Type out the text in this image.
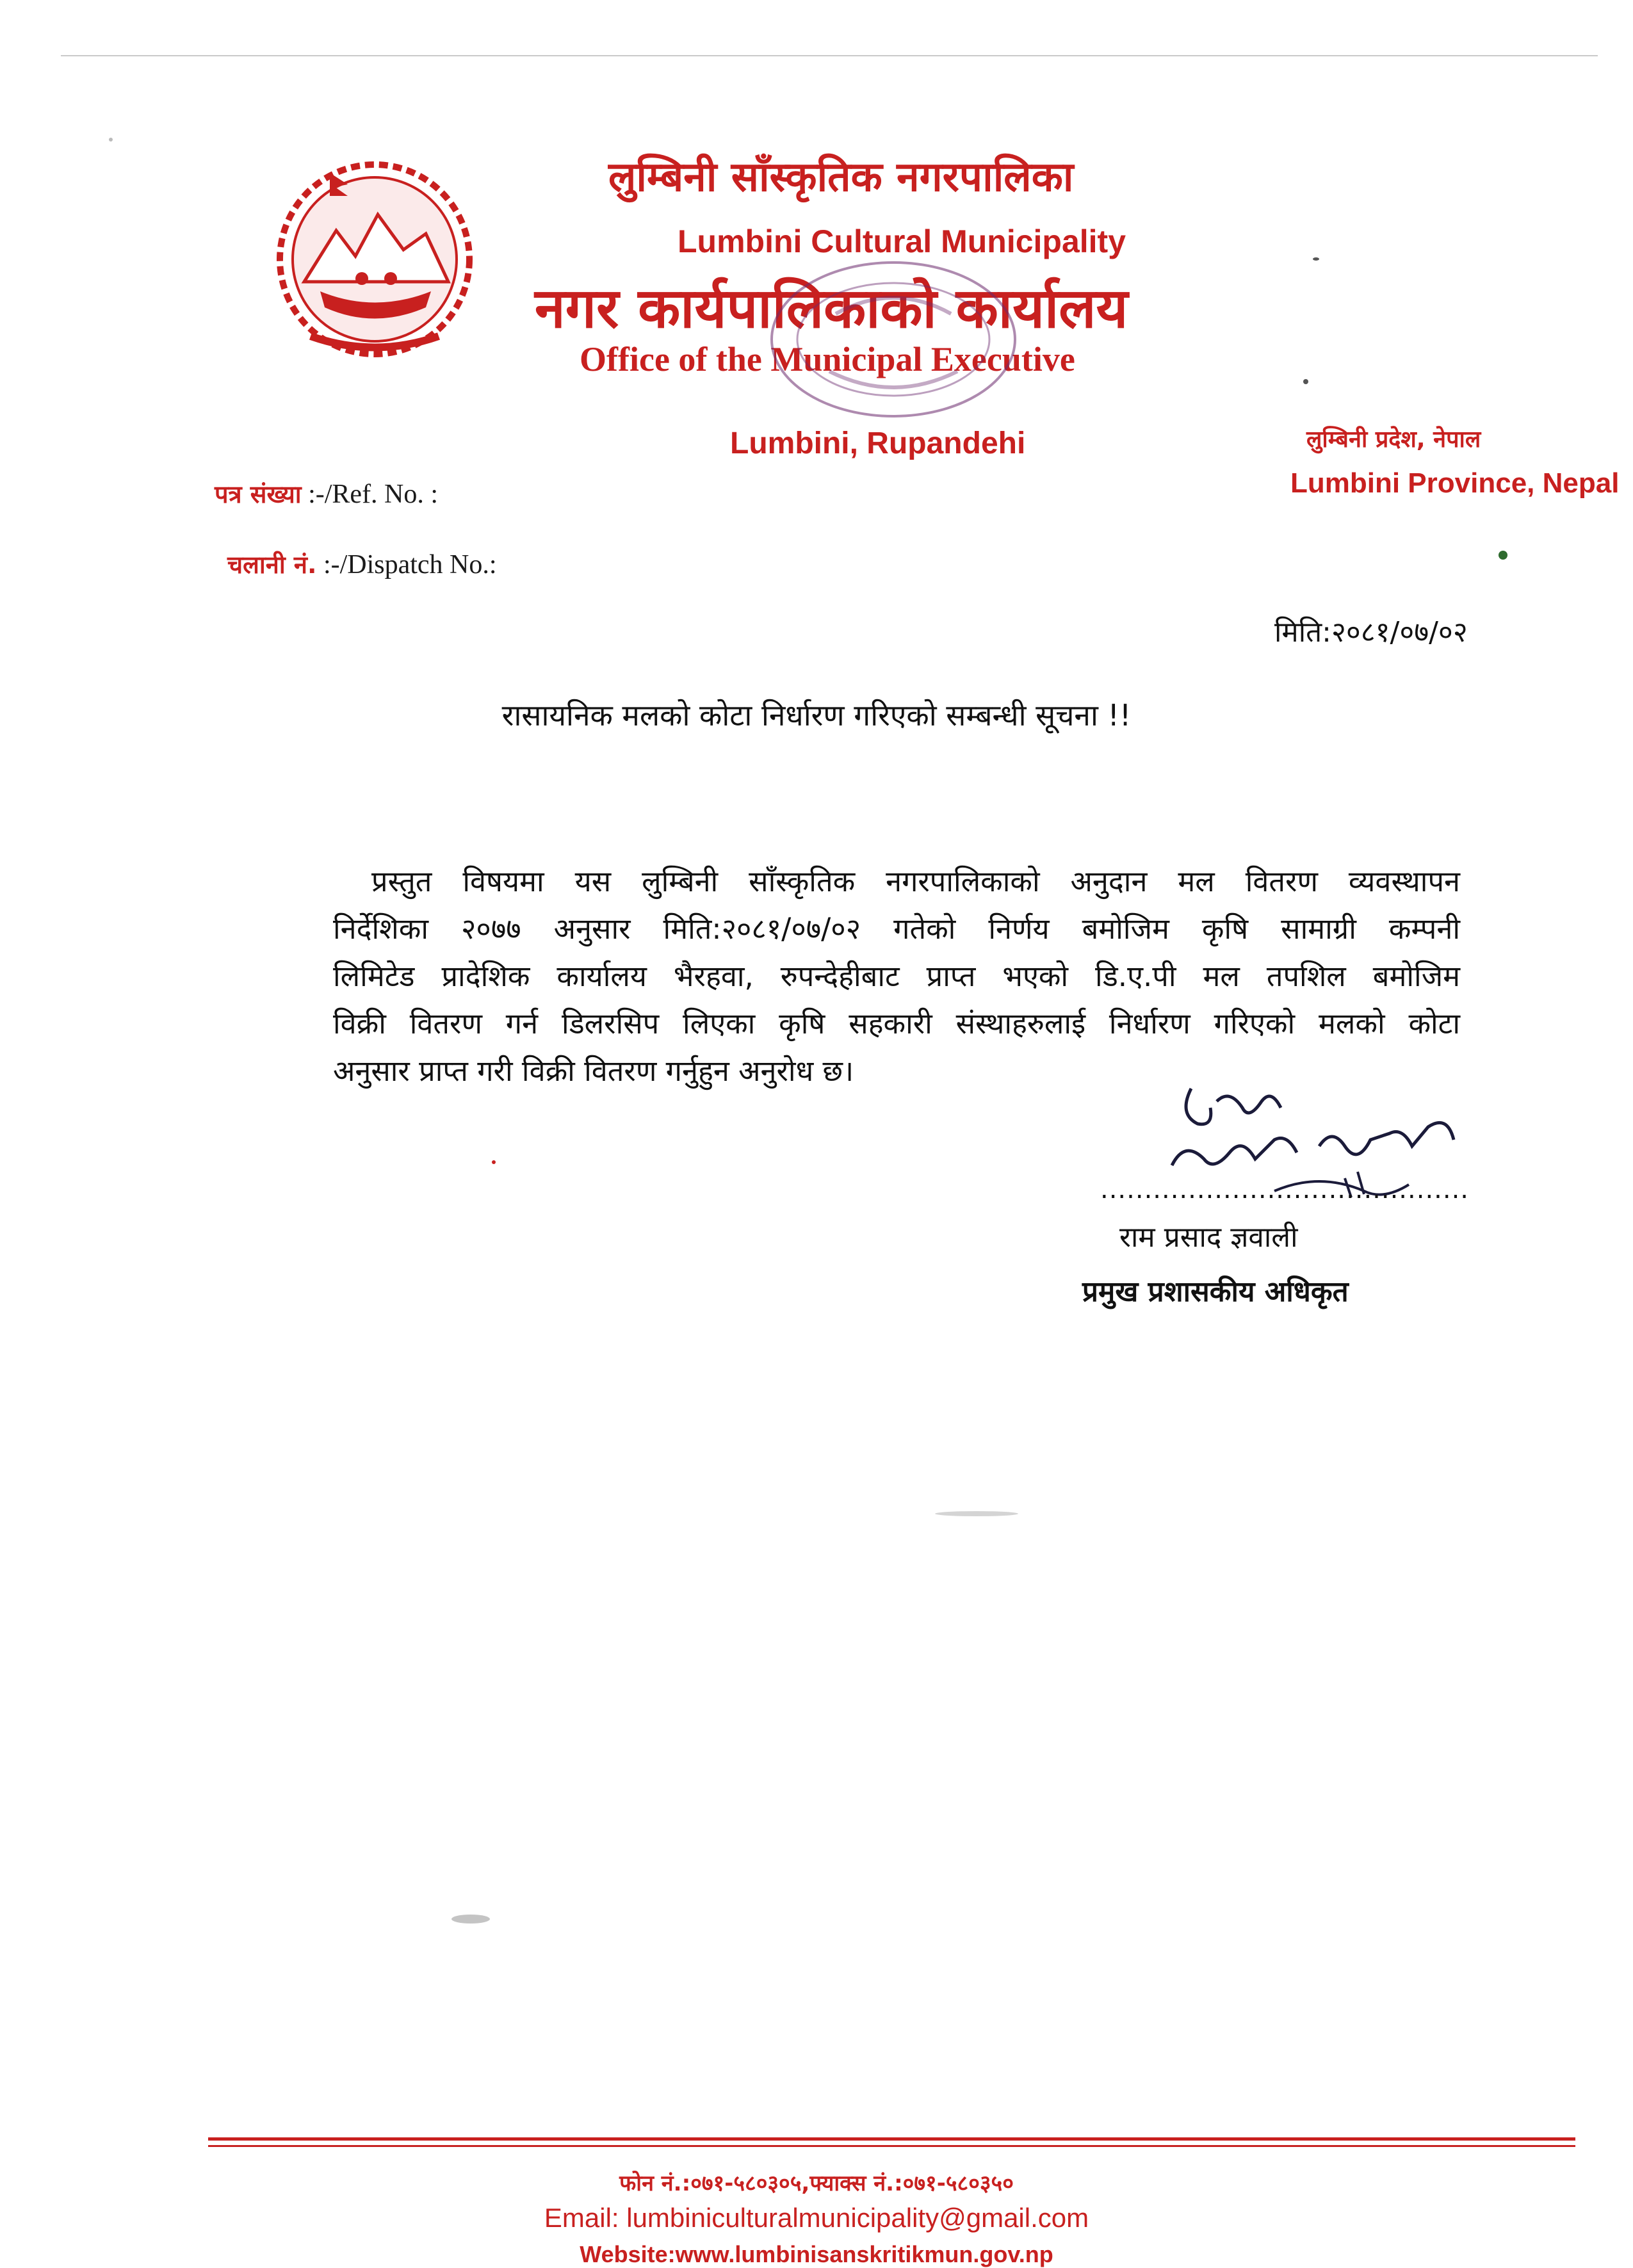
लुम्बिनी साँस्कृतिक नगरपालिका
Lumbini Cultural Municipality
नगर कार्यपालिकाको कार्यालय
Office of the Municipal Executive
Lumbini, Rupandehi	लुम्बिनी प्रदेश, नेपाल
Lumbini Province, Nepal
पत्र संख्या :-/Ref. No. :
चलानी नं. :-/Dispatch No.:
मिति:२०८१/०७/०२
रासायनिक मलको कोटा निर्धारण गरिएको सम्बन्धी सूचना !!
प्रस्तुत विषयमा यस लुम्बिनी साँस्कृतिक नगरपालिकाको अनुदान मल वितरण व्यवस्थापन
निर्देशिका २०७७ अनुसार मिति:२०८१/०७/०२ गतेको निर्णय बमोजिम कृषि सामाग्री कम्पनी
लिमिटेड प्रादेशिक कार्यालय भैरहवा, रुपन्देहीबाट प्राप्त भएको डि.ए.पी मल तपशिल बमोजिम
विक्री वितरण गर्न डिलरसिप लिएका कृषि सहकारी संस्थाहरुलाई निर्धारण गरिएको मलको कोटा
अनुसार प्राप्त गरी विक्री वितरण गर्नुहुन अनुरोध छ।
..........................................
राम प्रसाद ज्ञवाली
प्रमुख प्रशासकीय अधिकृत
फोन नं.:०७१-५८०३०५,फ्याक्स नं.:०७१-५८०३५०
Email: lumbiniculturalmunicipality@gmail.com
Website:www.lumbinisanskritikmun.gov.np
